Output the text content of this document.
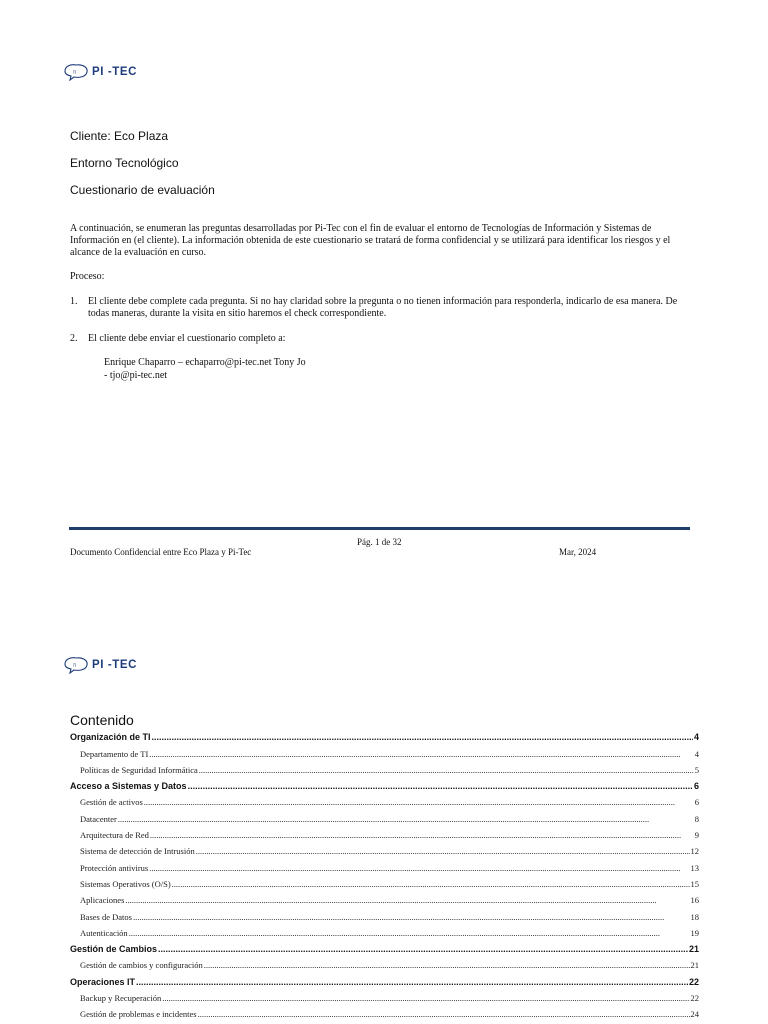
π PI -TEC
Cliente: Eco Plaza
Entorno Tecnológico
Cuestionario de evaluación
A continuación, se enumeran las preguntas desarrolladas por Pi-Tec con el fin de evaluar el entorno de Tecnologías de Información y Sistemas de Información en (el cliente). La información obtenida de este cuestionario se tratará de forma confidencial y se utilizará para identificar los riesgos y el alcance de la evaluación en curso.
Proceso:
1.	El cliente debe complete cada pregunta. Si no hay claridad sobre la pregunta o no tienen información para responderla, indicarlo de esa manera. De todas maneras, durante la visita en sitio haremos el check correspondiente.
2.	El cliente debe enviar el cuestionario completo a:
Enrique Chaparro – echaparro@pi-tec.net Tony Jo
- tjo@pi-tec.net
Pág. 1 de 32
Documento Confidencial entre Eco Plaza y Pi-Tec	Mar, 2024
π PI -TEC
Contenido
Organización de TI .....	4
Departamento de TI .....	4
Políticas de Seguridad Informática .....	5
Acceso a Sistemas y Datos .....	6
Gestión de activos .....	6
Datacenter .....	8
Arquitectura de Red .....	9
Sistema de detección de Intrusión .....	12
Protección antivirus .....	13
Sistemas Operativos (O/S) .....	15
Aplicaciones .....	16
Bases de Datos .....	18
Autenticación .....	19
Gestión de Cambios .....	21
Gestión de cambios y configuración .....	21
Operaciones IT .....	22
Backup y Recuperación .....	22
Gestión de problemas e incidentes .....	24
